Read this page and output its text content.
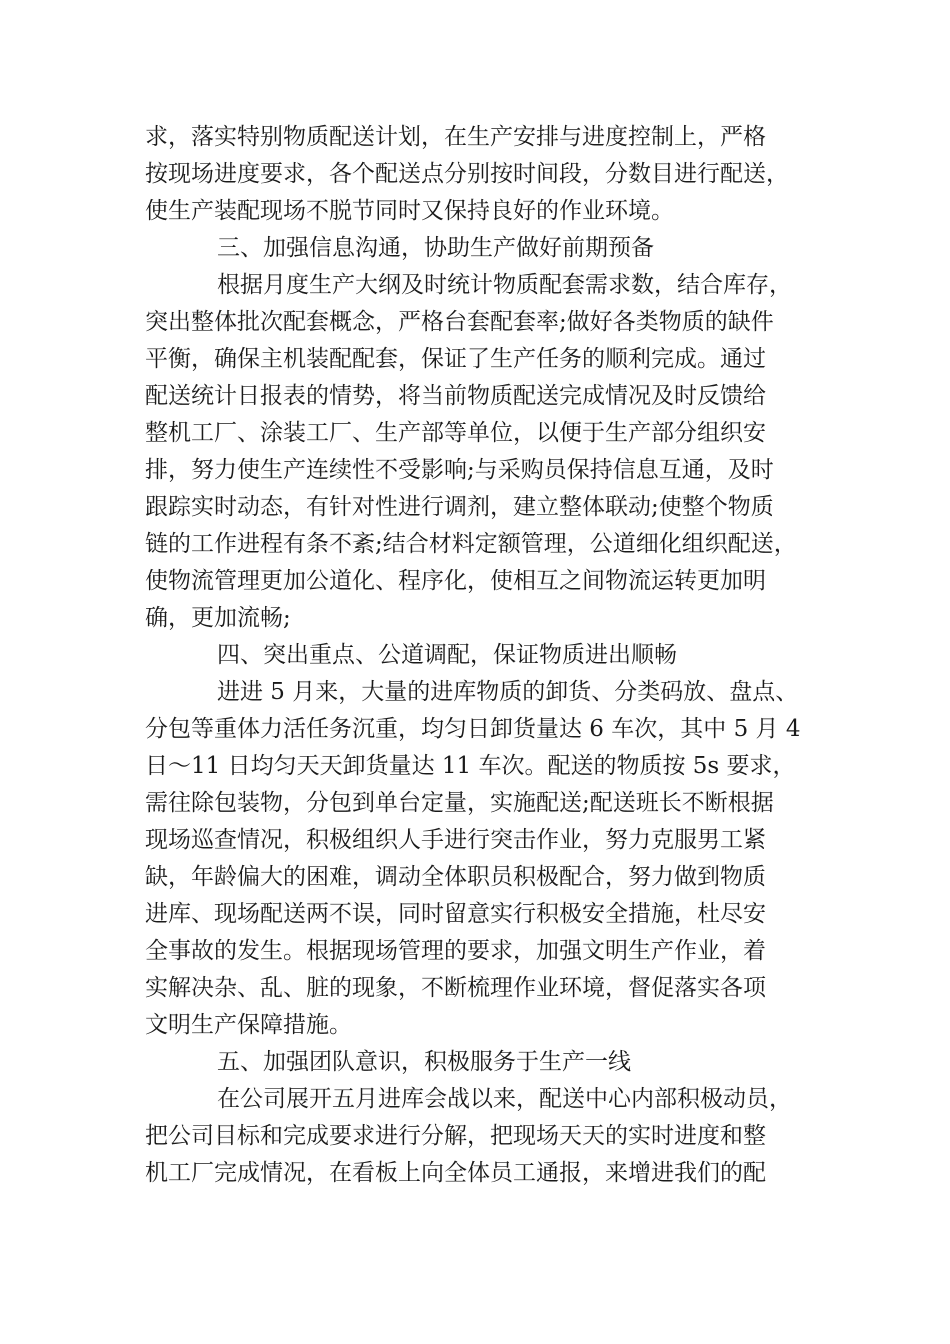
求，落实特别物质配送计划，在生产安排与进度控制上，严格
按现场进度要求，各个配送点分别按时间段，分数目进行配送，
使生产装配现场不脱节同时又保持良好的作业环境。
三、加强信息沟通，协助生产做好前期预备
根据月度生产大纲及时统计物质配套需求数，结合库存，
突出整体批次配套概念，严格台套配套率;做好各类物质的缺件
平衡，确保主机装配配套，保证了生产任务的顺利完成。通过
配送统计日报表的情势，将当前物质配送完成情况及时反馈给
整机工厂、涂装工厂、生产部等单位，以便于生产部分组织安
排，努力使生产连续性不受影响;与采购员保持信息互通，及时
跟踪实时动态，有针对性进行调剂，建立整体联动;使整个物质
链的工作进程有条不紊;结合材料定额管理，公道细化组织配送，
使物流管理更加公道化、程序化，使相互之间物流运转更加明
确，更加流畅;
四、突出重点、公道调配，保证物质进出顺畅
进进 5 月来，大量的进库物质的卸货、分类码放、盘点、
分包等重体力活任务沉重，均匀日卸货量达 6 车次，其中 5 月 4
日～11 日均匀天天卸货量达 11 车次。配送的物质按 5s 要求，
需往除包装物，分包到单台定量，实施配送;配送班长不断根据
现场巡查情况，积极组织人手进行突击作业，努力克服男工紧
缺，年龄偏大的困难，调动全体职员积极配合，努力做到物质
进库、现场配送两不误，同时留意实行积极安全措施，杜尽安
全事故的发生。根据现场管理的要求，加强文明生产作业，着
实解决杂、乱、脏的现象，不断梳理作业环境，督促落实各项
文明生产保障措施。
五、加强团队意识，积极服务于生产一线
在公司展开五月进库会战以来，配送中心内部积极动员，
把公司目标和完成要求进行分解，把现场天天的实时进度和整
机工厂完成情况，在看板上向全体员工通报，来增进我们的配
